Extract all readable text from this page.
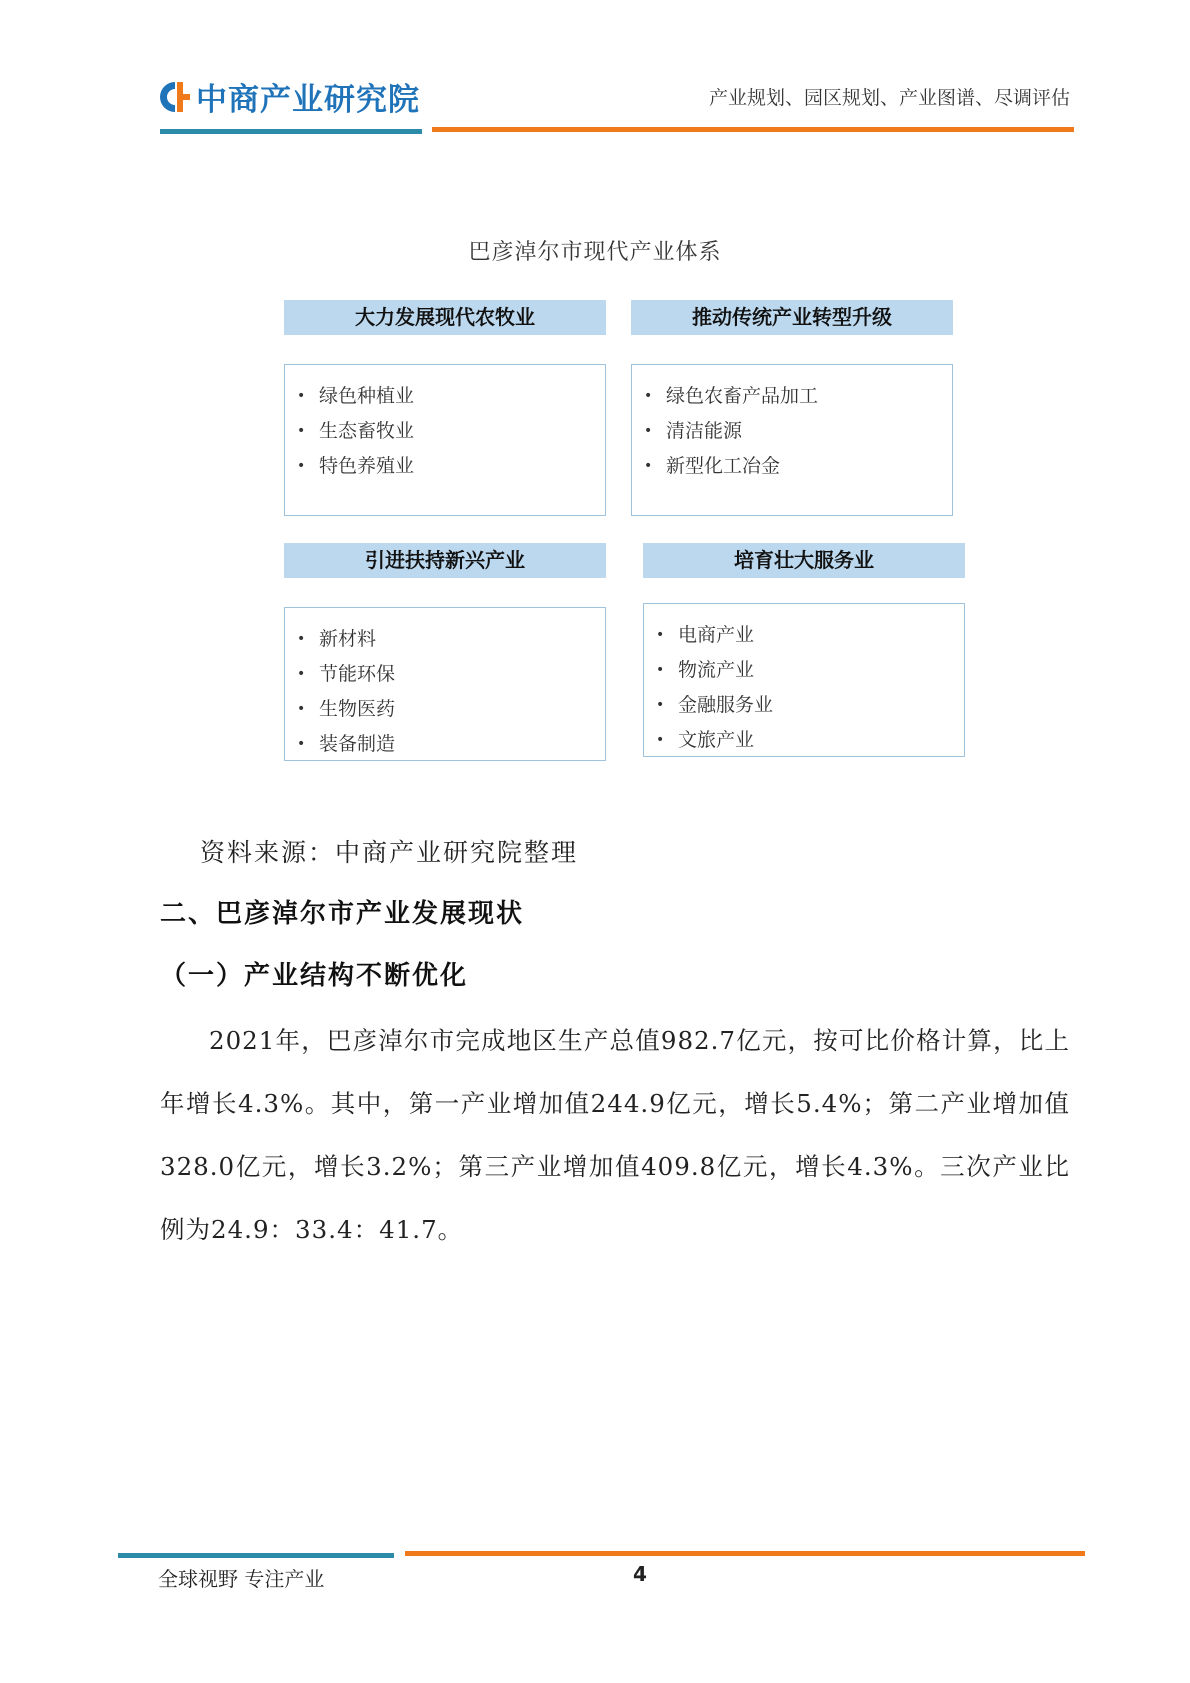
中商产业研究院	产业规划、园区规划、产业图谱、尽调评估
巴彦淖尔市现代产业体系
大力发展现代农牧业
• 绿色种植业
• 生态畜牧业
• 特色养殖业
推动传统产业转型升级
• 绿色农畜产品加工
• 清洁能源
• 新型化工冶金
引进扶持新兴产业
• 新材料
• 节能环保
• 生物医药
• 装备制造
培育壮大服务业
• 电商产业
• 物流产业
• 金融服务业
• 文旅产业
资料来源：中商产业研究院整理
二、巴彦淖尔市产业发展现状
（一）产业结构不断优化
2021年，巴彦淖尔市完成地区生产总值982.7亿元，按可比价格计算，比上年增长4.3%。其中，第一产业增加值244.9亿元，增长5.4%；第二产业增加值328.0亿元，增长3.2%；第三产业增加值409.8亿元，增长4.3%。三次产业比例为24.9：33.4：41.7。
全球视野 专注产业	4
